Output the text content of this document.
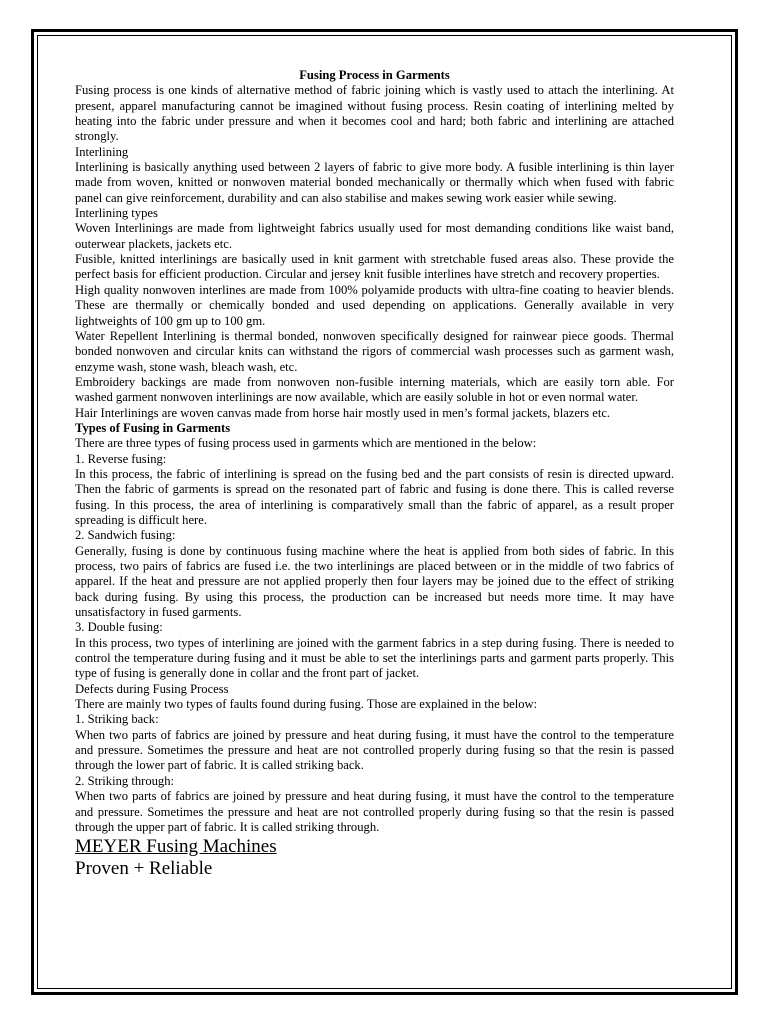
Fusing Process in Garments

Fusing process is one kinds of alternative method of fabric joining which is vastly used to attach the interlining. At present, apparel manufacturing cannot be imagined without fusing process. Resin coating of interlining melted by heating into the fabric under pressure and when it becomes cool and hard; both fabric and interlining are attached strongly.

Interlining

Interlining is basically anything used between 2 layers of fabric to give more body. A fusible interlining is thin layer made from woven, knitted or nonwoven material bonded mechanically or thermally which when fused with fabric panel can give reinforcement, durability and can also stabilise and makes sewing work easier while sewing.

Interlining types

Woven Interlinings are made from lightweight fabrics usually used for most demanding conditions like waist band, outerwear plackets, jackets etc.

Fusible, knitted interlinings are basically used in knit garment with stretchable fused areas also. These provide the perfect basis for efficient production. Circular and jersey knit fusible interlines have stretch and recovery properties.

High quality nonwoven interlines are made from 100% polyamide products with ultra-fine coating to heavier blends. These are thermally or chemically bonded and used depending on applications. Generally available in very lightweights of 100 gm up to 100 gm.

Water Repellent Interlining is thermal bonded, nonwoven specifically designed for rainwear piece goods. Thermal bonded nonwoven and circular knits can withstand the rigors of commercial wash processes such as garment wash, enzyme wash, stone wash, bleach wash, etc.

Embroidery backings are made from nonwoven non-fusible interning materials, which are easily torn able. For washed garment nonwoven interlinings are now available, which are easily soluble in hot or even normal water.

Hair Interlinings are woven canvas made from horse hair mostly used in men’s formal jackets, blazers etc.

Types of Fusing in Garments

There are three types of fusing process used in garments which are mentioned in the below:

1. Reverse fusing:

In this process, the fabric of interlining is spread on the fusing bed and the part consists of resin is directed upward. Then the fabric of garments is spread on the resonated part of fabric and fusing is done there. This is called reverse fusing. In this process, the area of interlining is comparatively small than the fabric of apparel, as a result proper spreading is difficult here.

2. Sandwich fusing:

Generally, fusing is done by continuous fusing machine where the heat is applied from both sides of fabric. In this process, two pairs of fabrics are fused i.e. the two interlinings are placed between or in the middle of two fabrics of apparel. If the heat and pressure are not applied properly then four layers may be joined due to the effect of striking back during fusing. By using this process, the production can be increased but needs more time. It may have unsatisfactory in fused garments.

3. Double fusing:

In this process, two types of interlining are joined with the garment fabrics in a step during fusing. There is needed to control the temperature during fusing and it must be able to set the interlinings parts and garment parts properly. This type of fusing is generally done in collar and the front part of jacket.

Defects during Fusing Process

There are mainly two types of faults found during fusing. Those are explained in the below:

1. Striking back:

When two parts of fabrics are joined by pressure and heat during fusing, it must have the control to the temperature and pressure. Sometimes the pressure and heat are not controlled properly during fusing so that the resin is passed through the lower part of fabric. It is called striking back.

2. Striking through:

When two parts of fabrics are joined by pressure and heat during fusing, it must have the control to the temperature and pressure. Sometimes the pressure and heat are not controlled properly during fusing so that the resin is passed through the upper part of fabric. It is called striking through.

MEYER Fusing Machines

Proven + Reliable
